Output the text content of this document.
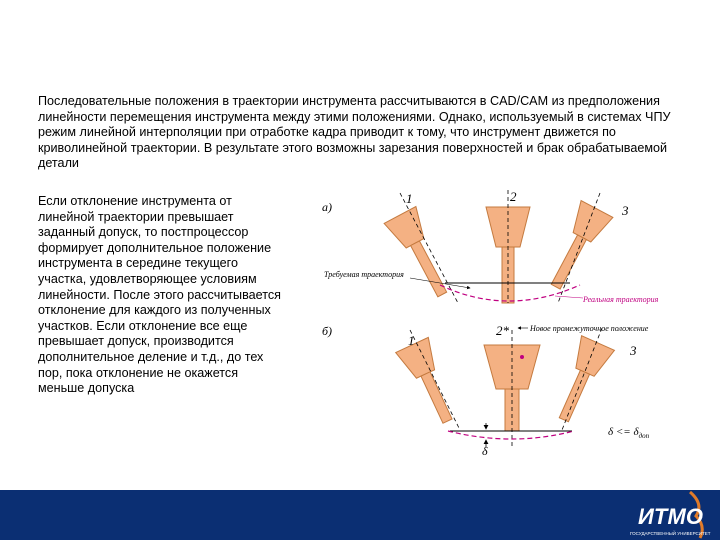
Последовательные положения в траектории инструмента рассчитываются в CAD/CAM из предположения линейности перемещения инструмента между этими положениями. Однако, используемый в системах ЧПУ режим линейной интерполяции при отработке кадра приводит к тому, что инструмент движется по криволинейной траектории. В результате этого возможны зарезания поверхностей и брак обрабатываемой детали
Если отклонение инструмента от линейной траектории превышает заданный допуск, то постпроцессор формирует дополнительное положение инструмента в середине текущего участка, удовлетворяющее условиям линейности. После этого рассчитывается отклонение для каждого из полученных участков. Если отклонение все еще превышает допуск, производится дополнительное деление и т.д., до тех пор, пока отклонение не окажется меньше допуска
а)
1	2
3
Требуемая траектория
Реальная траектория
б)
1
2*
3
Новое промежуточное положение
δ
$\delta <= \delta_{доп}$
ИТМО
ГОСУДАРСТВЕННЫЙ УНИВЕРСИТЕТ
